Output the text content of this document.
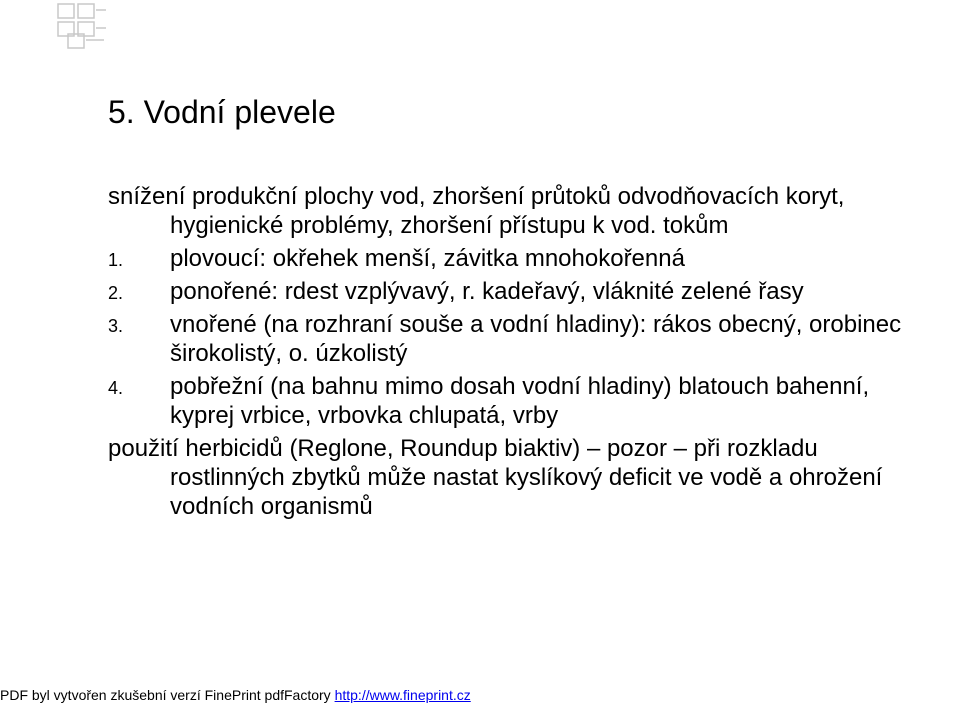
5. Vodní plevele

snížení produkční plochy vod, zhoršení průtoků odvodňovacích koryt, hygienické problémy, zhoršení přístupu k vod. tokům

1. plovoucí: okřehek menší, závitka mnohokořenná
2. ponořené: rdest vzplývavý, r. kadeřavý, vláknité zelené řasy
3. vnořené (na rozhraní souše a vodní hladiny): rákos obecný, orobinec širokolistý, o. úzkolistý
4. pobřežní (na bahnu mimo dosah vodní hladiny) blatouch bahenní, kyprej vrbice, vrbovka chlupatá, vrby

použití herbicidů (Reglone, Roundup biaktiv) – pozor – při rozkladu rostlinných zbytků může nastat kyslíkový deficit ve vodě a ohrožení vodních organismů

PDF byl vytvořen zkušební verzí FinePrint pdfFactory http://www.fineprint.cz
